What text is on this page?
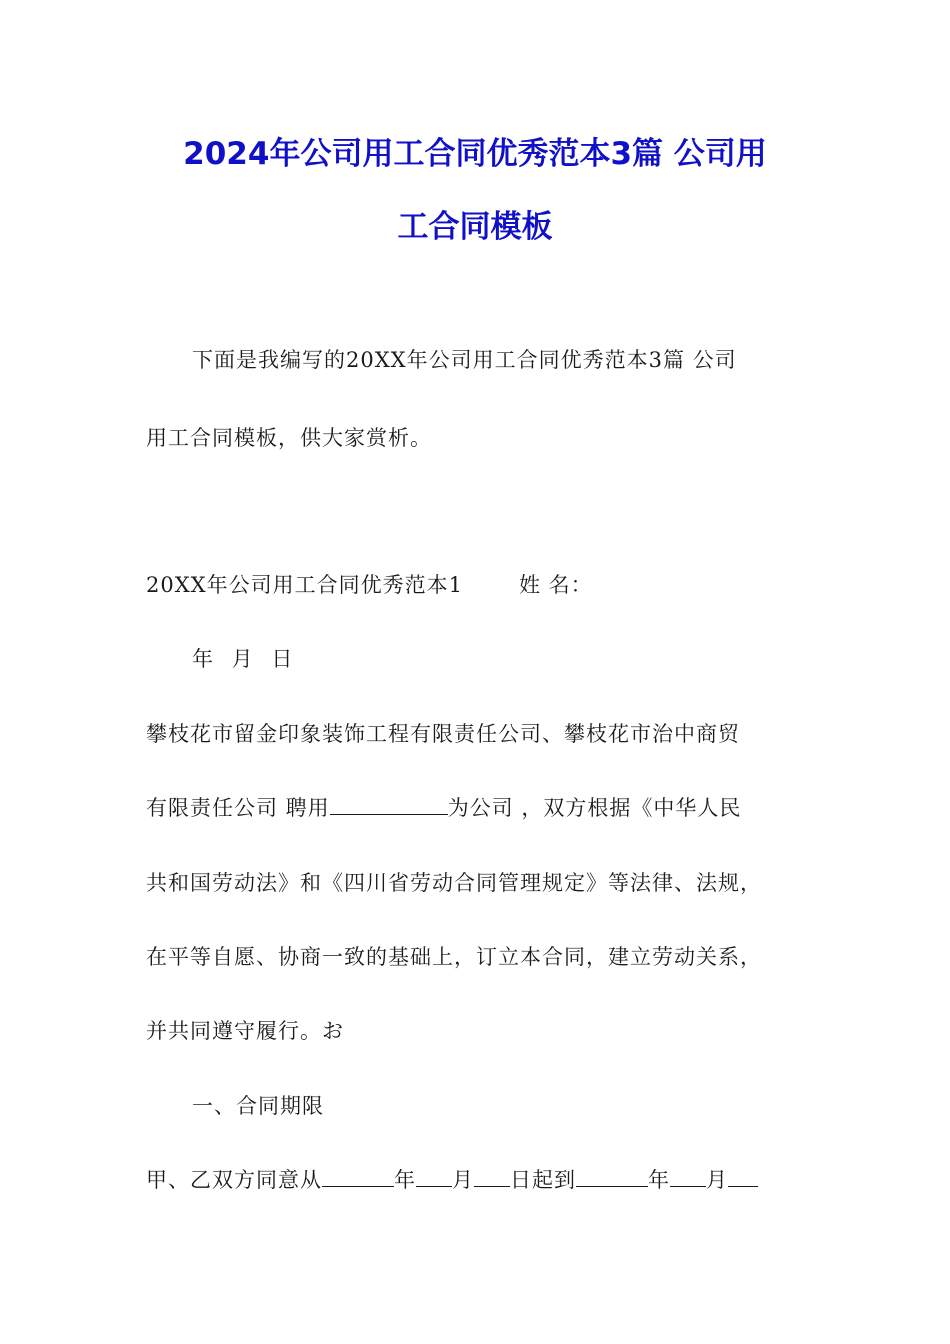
2024年公司用工合同优秀范本3篇 公司用
工合同模板
下面是我编写的20XX年公司用工合同优秀范本3篇 公司
用工合同模板，供大家赏析。
20XX年公司用工合同优秀范本1	姓 名：
年 月 日
攀枝花市留金印象装饰工程有限责任公司、攀枝花市治中商贸
有限责任公司 聘用	为公司 ，双方根据《中华人民
共和国劳动法》和《四川省劳动合同管理规定》等法律、法规，
在平等自愿、协商一致的基础上，订立本合同，建立劳动关系，
并共同遵守履行。お
一、合同期限
甲、乙双方同意从	年 月 日起到	年 月
